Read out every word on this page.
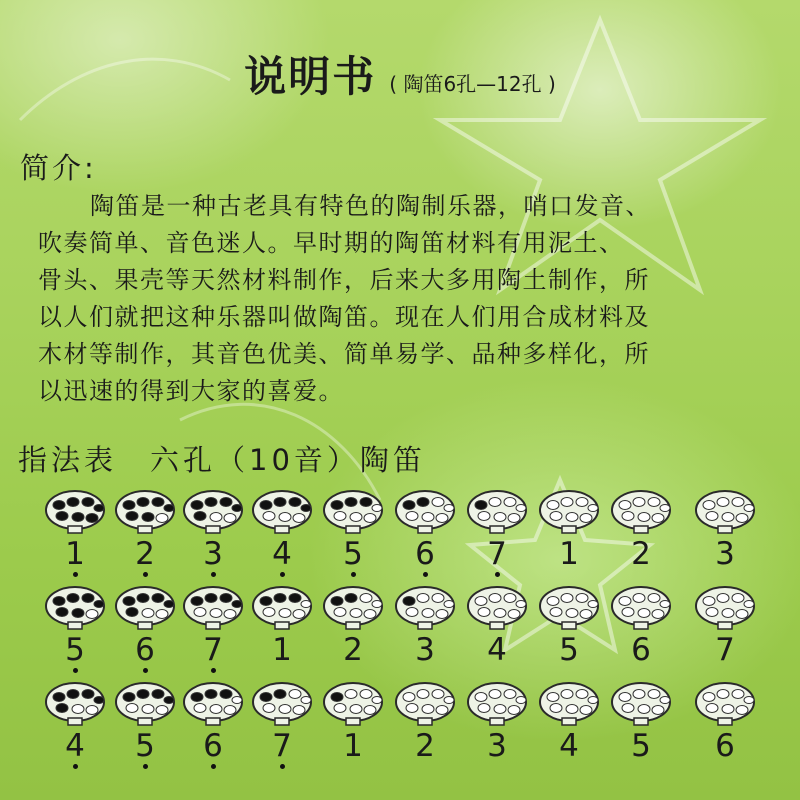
说明书 ( 陶笛6孔—12孔 )
简介:
陶笛是一种古老具有特色的陶制乐器，哨口发音、
吹奏简单、音色迷人。早时期的陶笛材料有用泥土、
骨头、果壳等天然材料制作，后来大多用陶土制作，所
以人们就把这种乐器叫做陶笛。现在人们用合成材料及
木材等制作，其音色优美、简单易学、品种多样化，所
以迅速的得到大家的喜爱。
指法表　六孔（10音）陶笛
1	2	3	4	5	6	7	1	2	3
5	6	7	1	2	3	4	5	6	7
4	5	6	7	1	2	3	4	5	6
